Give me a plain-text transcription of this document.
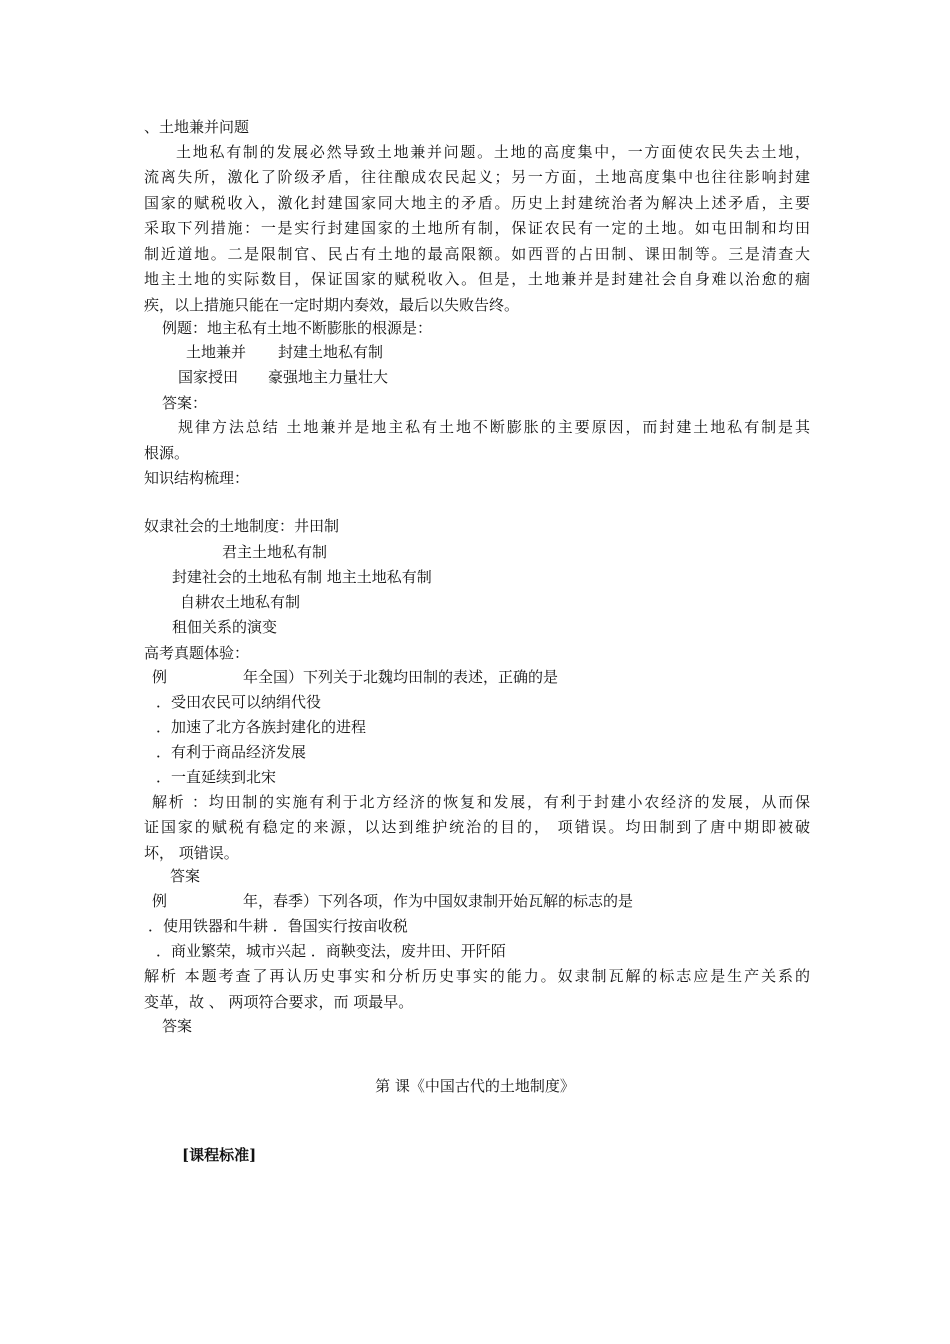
、土地兼并问题
土地私有制的发展必然导致土地兼并问题。土地的高度集中，一方面使农民失去土地，
流离失所，激化了阶级矛盾，往往酿成农民起义；另一方面，土地高度集中也往往影响封建
国家的赋税收入，激化封建国家同大地主的矛盾。历史上封建统治者为解决上述矛盾，主要
采取下列措施：一是实行封建国家的土地所有制，保证农民有一定的土地。如屯田制和均田
制近道地。二是限制官、民占有土地的最高限额。如西晋的占田制、课田制等。三是清查大
地主土地的实际数目，保证国家的赋税收入。但是，土地兼并是封建社会自身难以治愈的痼
疾，以上措施只能在一定时期内奏效，最后以失败告终。
例题：地主私有土地不断膨胀的根源是：
土地兼并 封建土地私有制
国家授田 豪强地主力量壮大
答案：
规律方法总结 土地兼并是地主私有土地不断膨胀的主要原因，而封建土地私有制是其
根源。
知识结构梳理：
奴隶社会的土地制度：井田制
君主土地私有制
封建社会的土地私有制 地主土地私有制
自耕农土地私有制
租佃关系的演变
高考真题体验：
例	年全国）下列关于北魏均田制的表述，正确的是
．受田农民可以纳绢代役
．加速了北方各族封建化的进程
．有利于商品经济发展
．一直延续到北宋
解析 ：均田制的实施有利于北方经济的恢复和发展，有利于封建小农经济的发展，从而保
证国家的赋税有稳定的来源，以达到维护统治的目的， 项错误。均田制到了唐中期即被破
坏， 项错误。
答案
例	年，春季）下列各项，作为中国奴隶制开始瓦解的标志的是
．使用铁器和牛耕 ．鲁国实行按亩收税
．商业繁荣，城市兴起 ．商鞅变法，废井田、开阡陌
解析 本题考查了再认历史事实和分析历史事实的能力。奴隶制瓦解的标志应是生产关系的
变革，故 、 两项符合要求，而 项最早。
答案
第 课《中国古代的土地制度》
[课程标准]
